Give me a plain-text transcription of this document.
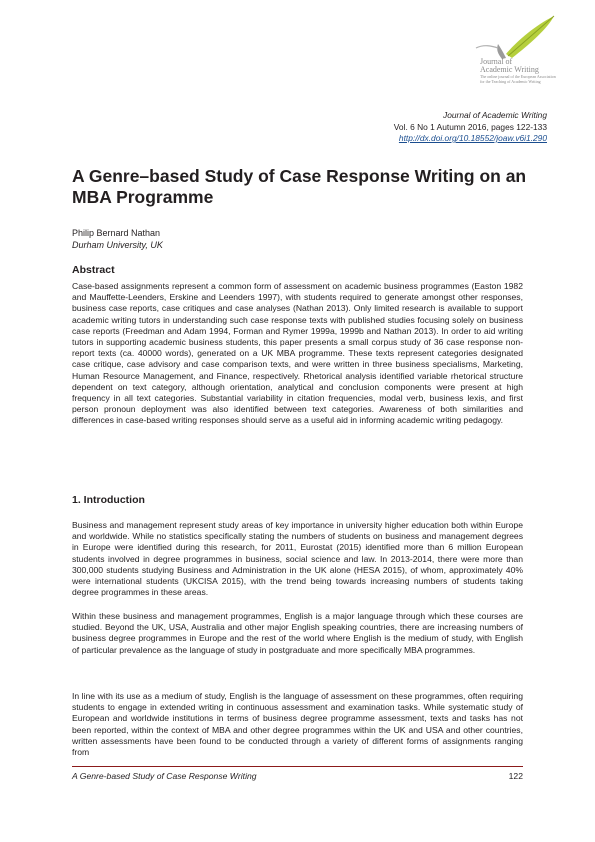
Journal of
Academic Writing
The online journal of the European Association
for the Teaching of Academic Writing
Journal of Academic Writing
Vol. 6 No 1 Autumn 2016, pages 122-133
http://dx.doi.org/10.18552/joaw.v6i1.290
A Genre–based Study of Case Response Writing on an MBA Programme
Philip Bernard Nathan
Durham University, UK
Abstract
Case-based assignments represent a common form of assessment on academic business programmes (Easton 1982 and Mauffette-Leenders, Erskine and Leenders 1997), with students required to generate amongst other responses, business case reports, case critiques and case analyses (Nathan 2013). Only limited research is available to support academic writing tutors in understanding such case response texts with published studies focusing solely on business case reports (Freedman and Adam 1994, Forman and Rymer 1999a, 1999b and Nathan 2013). In order to aid writing tutors in supporting academic business students, this paper presents a small corpus study of 36 case response non-report texts (ca. 40000 words), generated on a UK MBA programme. These texts represent categories designated case critique, case advisory and case comparison texts, and were written in three business specialisms, Marketing, Human Resource Management, and Finance, respectively. Rhetorical analysis identified variable rhetorical structure dependent on text category, although orientation, analytical and conclusion components were present at high frequency in all text categories. Substantial variability in citation frequencies, modal verb, business lexis, and first person pronoun deployment was also identified between text categories. Awareness of both similarities and differences in case-based writing responses should serve as a useful aid in informing academic writing pedagogy.
1. Introduction

Business and management represent study areas of key importance in university higher education both within Europe and worldwide. While no statistics specifically stating the numbers of students on business and management degrees in Europe were identified during this research, for 2011, Eurostat (2015) identified more than 6 million European students involved in degree programmes in business, social science and law. In 2013-2014, there were more than 300,000 students studying Business and Administration in the UK alone (HESA 2015), of whom, approximately 40% were international students (UKCISA 2015), with the trend being towards increasing numbers of students taking degree programmes in these areas.

Within these business and management programmes, English is a major language through which these courses are studied. Beyond the UK, USA, Australia and other major English speaking countries, there are increasing numbers of business degree programmes in Europe and the rest of the world where English is the medium of study, with English of particular prevalence as the language of study in postgraduate and more specifically MBA programmes.

In line with its use as a medium of study, English is the language of assessment on these programmes, often requiring students to engage in extended writing in continuous assessment and examination tasks. While systematic study of European and worldwide institutions in terms of business degree programme assessment, texts and tasks has not been reported, within the context of MBA and other degree programmes within the UK and USA and other countries, written assessments have been found to be conducted through a variety of different forms of assignments ranging from

A Genre-based Study of Case Response Writing	122
